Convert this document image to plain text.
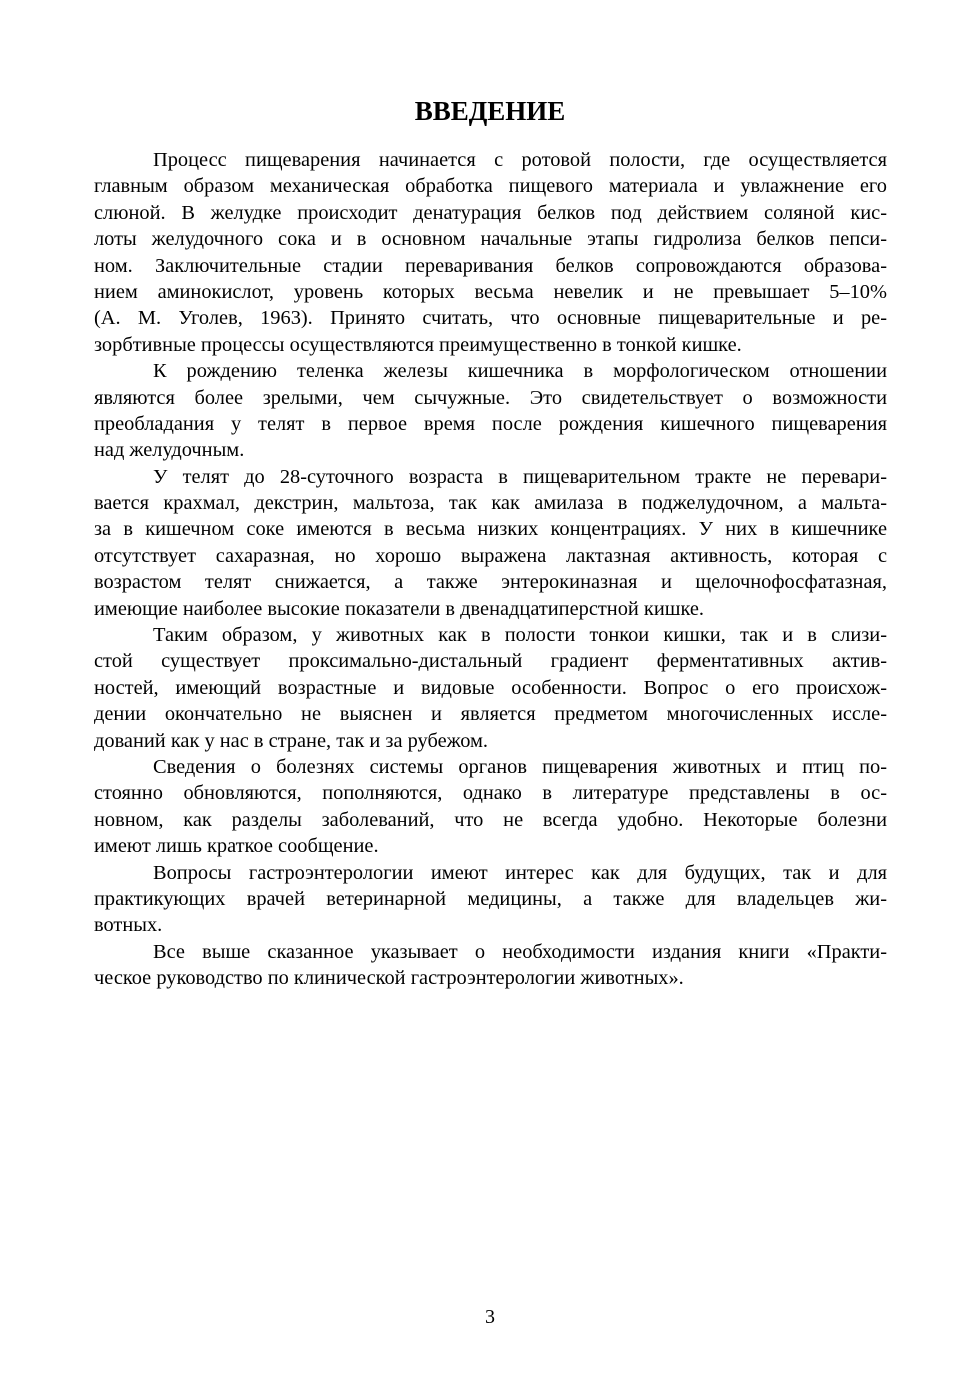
ВВЕДЕНИЕ

Процесс пищеварения начинается с ротовой полости, где осуществляется
главным образом механическая обработка пищевого материала и увлажнение его
слюной. В желудке происходит денатурация белков под действием соляной кис-
лоты желудочного сока и в основном начальные этапы гидролиза белков пепси-
ном. Заключительные стадии переваривания белков сопровождаются образова-
нием аминокислот, уровень которых весьма невелик и не превышает 5–10%
(А. М. Уголев, 1963). Принято считать, что основные пищеварительные и ре-
зорбтивные процессы осуществляются преимущественно в тонкой кишке.

К рождению теленка железы кишечника в морфологическом отношении
являются более зрелыми, чем сычужные. Это свидетельствует о возможности
преобладания у телят в первое время после рождения кишечного пищеварения
над желудочным.

У телят до 28-суточного возраста в пищеварительном тракте не перевари-
вается крахмал, декстрин, мальтоза, так как амилаза в поджелудочном, а мальта-
за в кишечном соке имеются в весьма низких концентрациях. У них в кишечнике
отсутствует сахаразная, но хорошо выражена лактазная активность, которая с
возрастом телят снижается, а также энтерокиназная и щелочнофосфатазная,
имеющие наиболее высокие показатели в двенадцатиперстной кишке.

Таким образом, у животных как в полости тонкои кишки, так и в слизи-
стой существует проксимально-дистальный градиент ферментативных актив-
ностей, имеющий возрастные и видовые особенности. Вопрос о его происхож-
дении окончательно не выяснен и является предметом многочисленных иссле-
дований как у нас в стране, так и за рубежом.

Сведения о болезнях системы органов пищеварения животных и птиц по-
стоянно обновляются, пополняются, однако в литературе представлены в ос-
новном, как разделы заболеваний, что не всегда удобно. Некоторые болезни
имеют лишь краткое сообщение.

Вопросы гастроэнтерологии имеют интерес как для будущих, так и для
практикующих врачей ветеринарной медицины, а также для владельцев жи-
вотных.

Все выше сказанное указывает о необходимости издания книги «Практи-
ческое руководство по клинической гастроэнтерологии животных».

3
